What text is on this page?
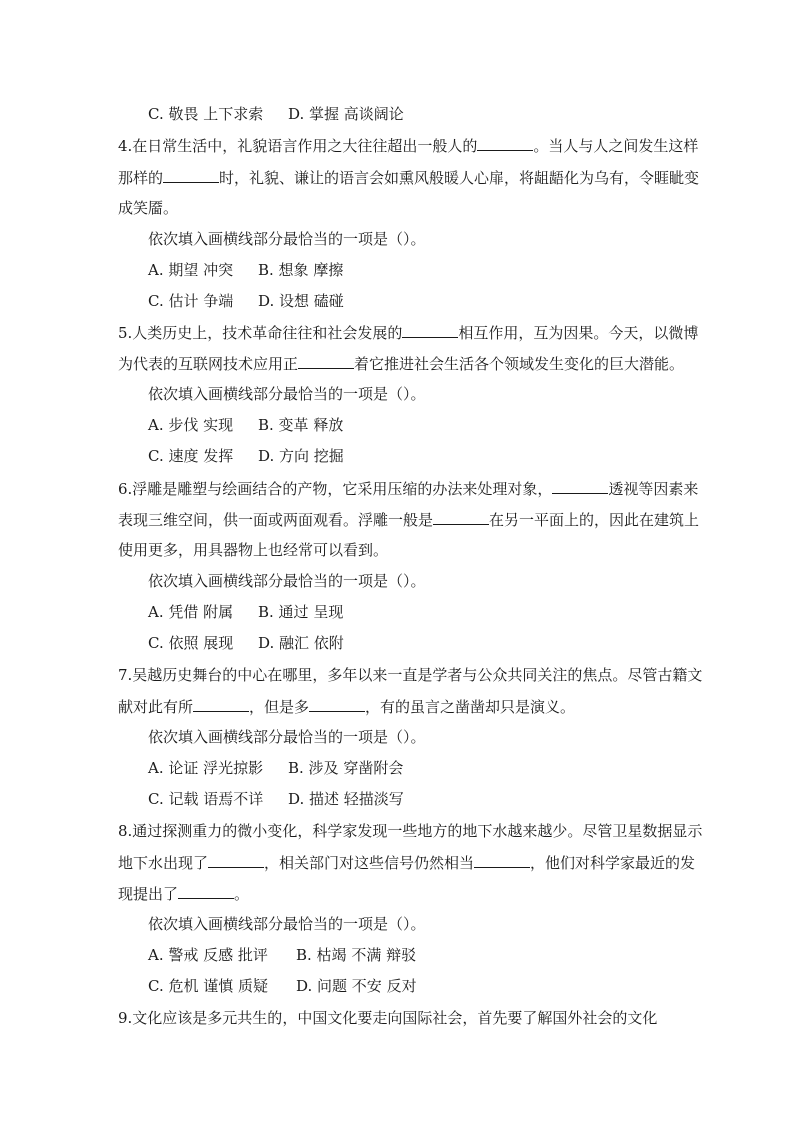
C. 敬畏 上下求索 D. 掌握 高谈阔论
4.在日常生活中，礼貌语言作用之大往往超出一般人的	。当人与人之间发生这样
那样的	时，礼貌、谦让的语言会如熏风般暖人心扉，将龃龉化为乌有，令睚眦变
成笑靥。
依次填入画横线部分最恰当的一项是（）。
A. 期望 冲突 B. 想象 摩擦
C. 估计 争端 D. 设想 磕碰
5.人类历史上，技术革命往往和社会发展的	相互作用，互为因果。今天，以微博
为代表的互联网技术应用正	着它推进社会生活各个领域发生变化的巨大潜能。
依次填入画横线部分最恰当的一项是（）。
A. 步伐 实现 B. 变革 释放
C. 速度 发挥 D. 方向 挖掘
6.浮雕是雕塑与绘画结合的产物，它采用压缩的办法来处理对象，	透视等因素来
表现三维空间，供一面或两面观看。浮雕一般是	在另一平面上的，因此在建筑上
使用更多，用具器物上也经常可以看到。
依次填入画横线部分最恰当的一项是（）。
A. 凭借 附属 B. 通过 呈现
C. 依照 展现 D. 融汇 依附
7.吴越历史舞台的中心在哪里，多年以来一直是学者与公众共同关注的焦点。尽管古籍文
献对此有所	，但是多	，有的虽言之凿凿却只是演义。
依次填入画横线部分最恰当的一项是（）。
A. 论证 浮光掠影 B. 涉及 穿凿附会
C. 记载 语焉不详 D. 描述 轻描淡写
8.通过探测重力的微小变化，科学家发现一些地方的地下水越来越少。尽管卫星数据显示
地下水出现了	，相关部门对这些信号仍然相当	，他们对科学家最近的发
现提出了	。
依次填入画横线部分最恰当的一项是（）。
A. 警戒 反感 批评 B. 枯竭 不满 辩驳
C. 危机 谨慎 质疑 D. 问题 不安 反对
9.文化应该是多元共生的，中国文化要走向国际社会，首先要了解国外社会的文化
